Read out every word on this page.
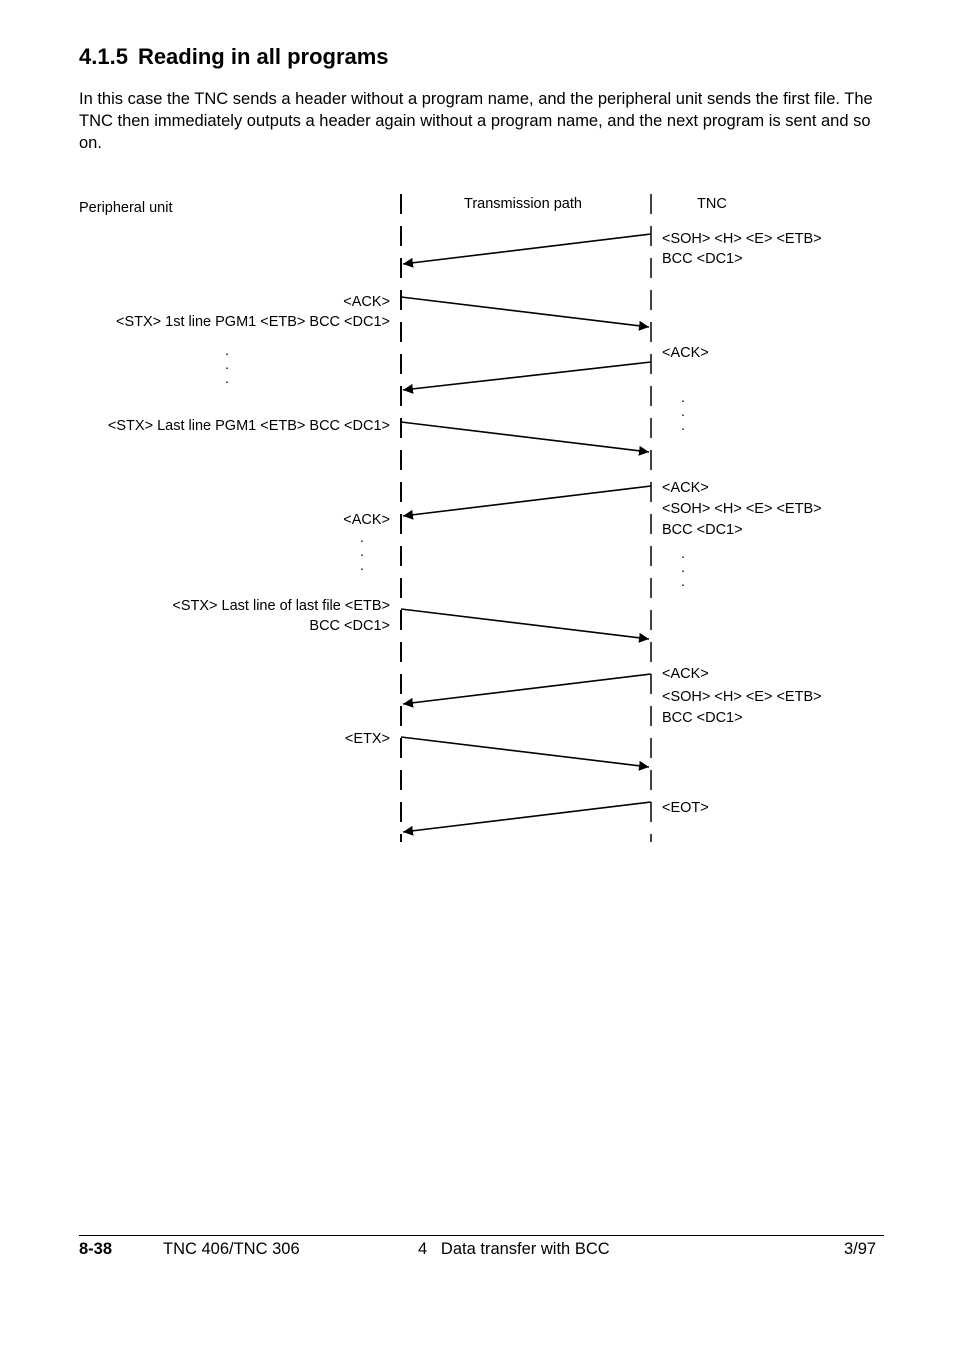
4.1.5 Reading in all programs

In this case the TNC sends a header without a program name, and the peripheral unit sends the first file. The TNC then immediately outputs a header again without a program name, and the next program is sent and so on.

Peripheral unit	Transmission path	TNC
<ACK>
<STX> 1st line PGM1 <ETB> BCC <DC1>
<STX> Last line PGM1 <ETB> BCC <DC1>
<ACK>
<STX> Last line of last file <ETB>
BCC <DC1>
<ETX>
<SOH> <H> <E> <ETB>
BCC <DC1>
<ACK>
<ACK>
<SOH> <H> <E> <ETB>
BCC <DC1>
<ACK>
<SOH> <H> <E> <ETB>
BCC <DC1>
<EOT>
.
.
.
.
.
.
.
.
.
.
.
.
8-38	TNC 406/TNC 306	4   Data transfer with BCC	3/97
